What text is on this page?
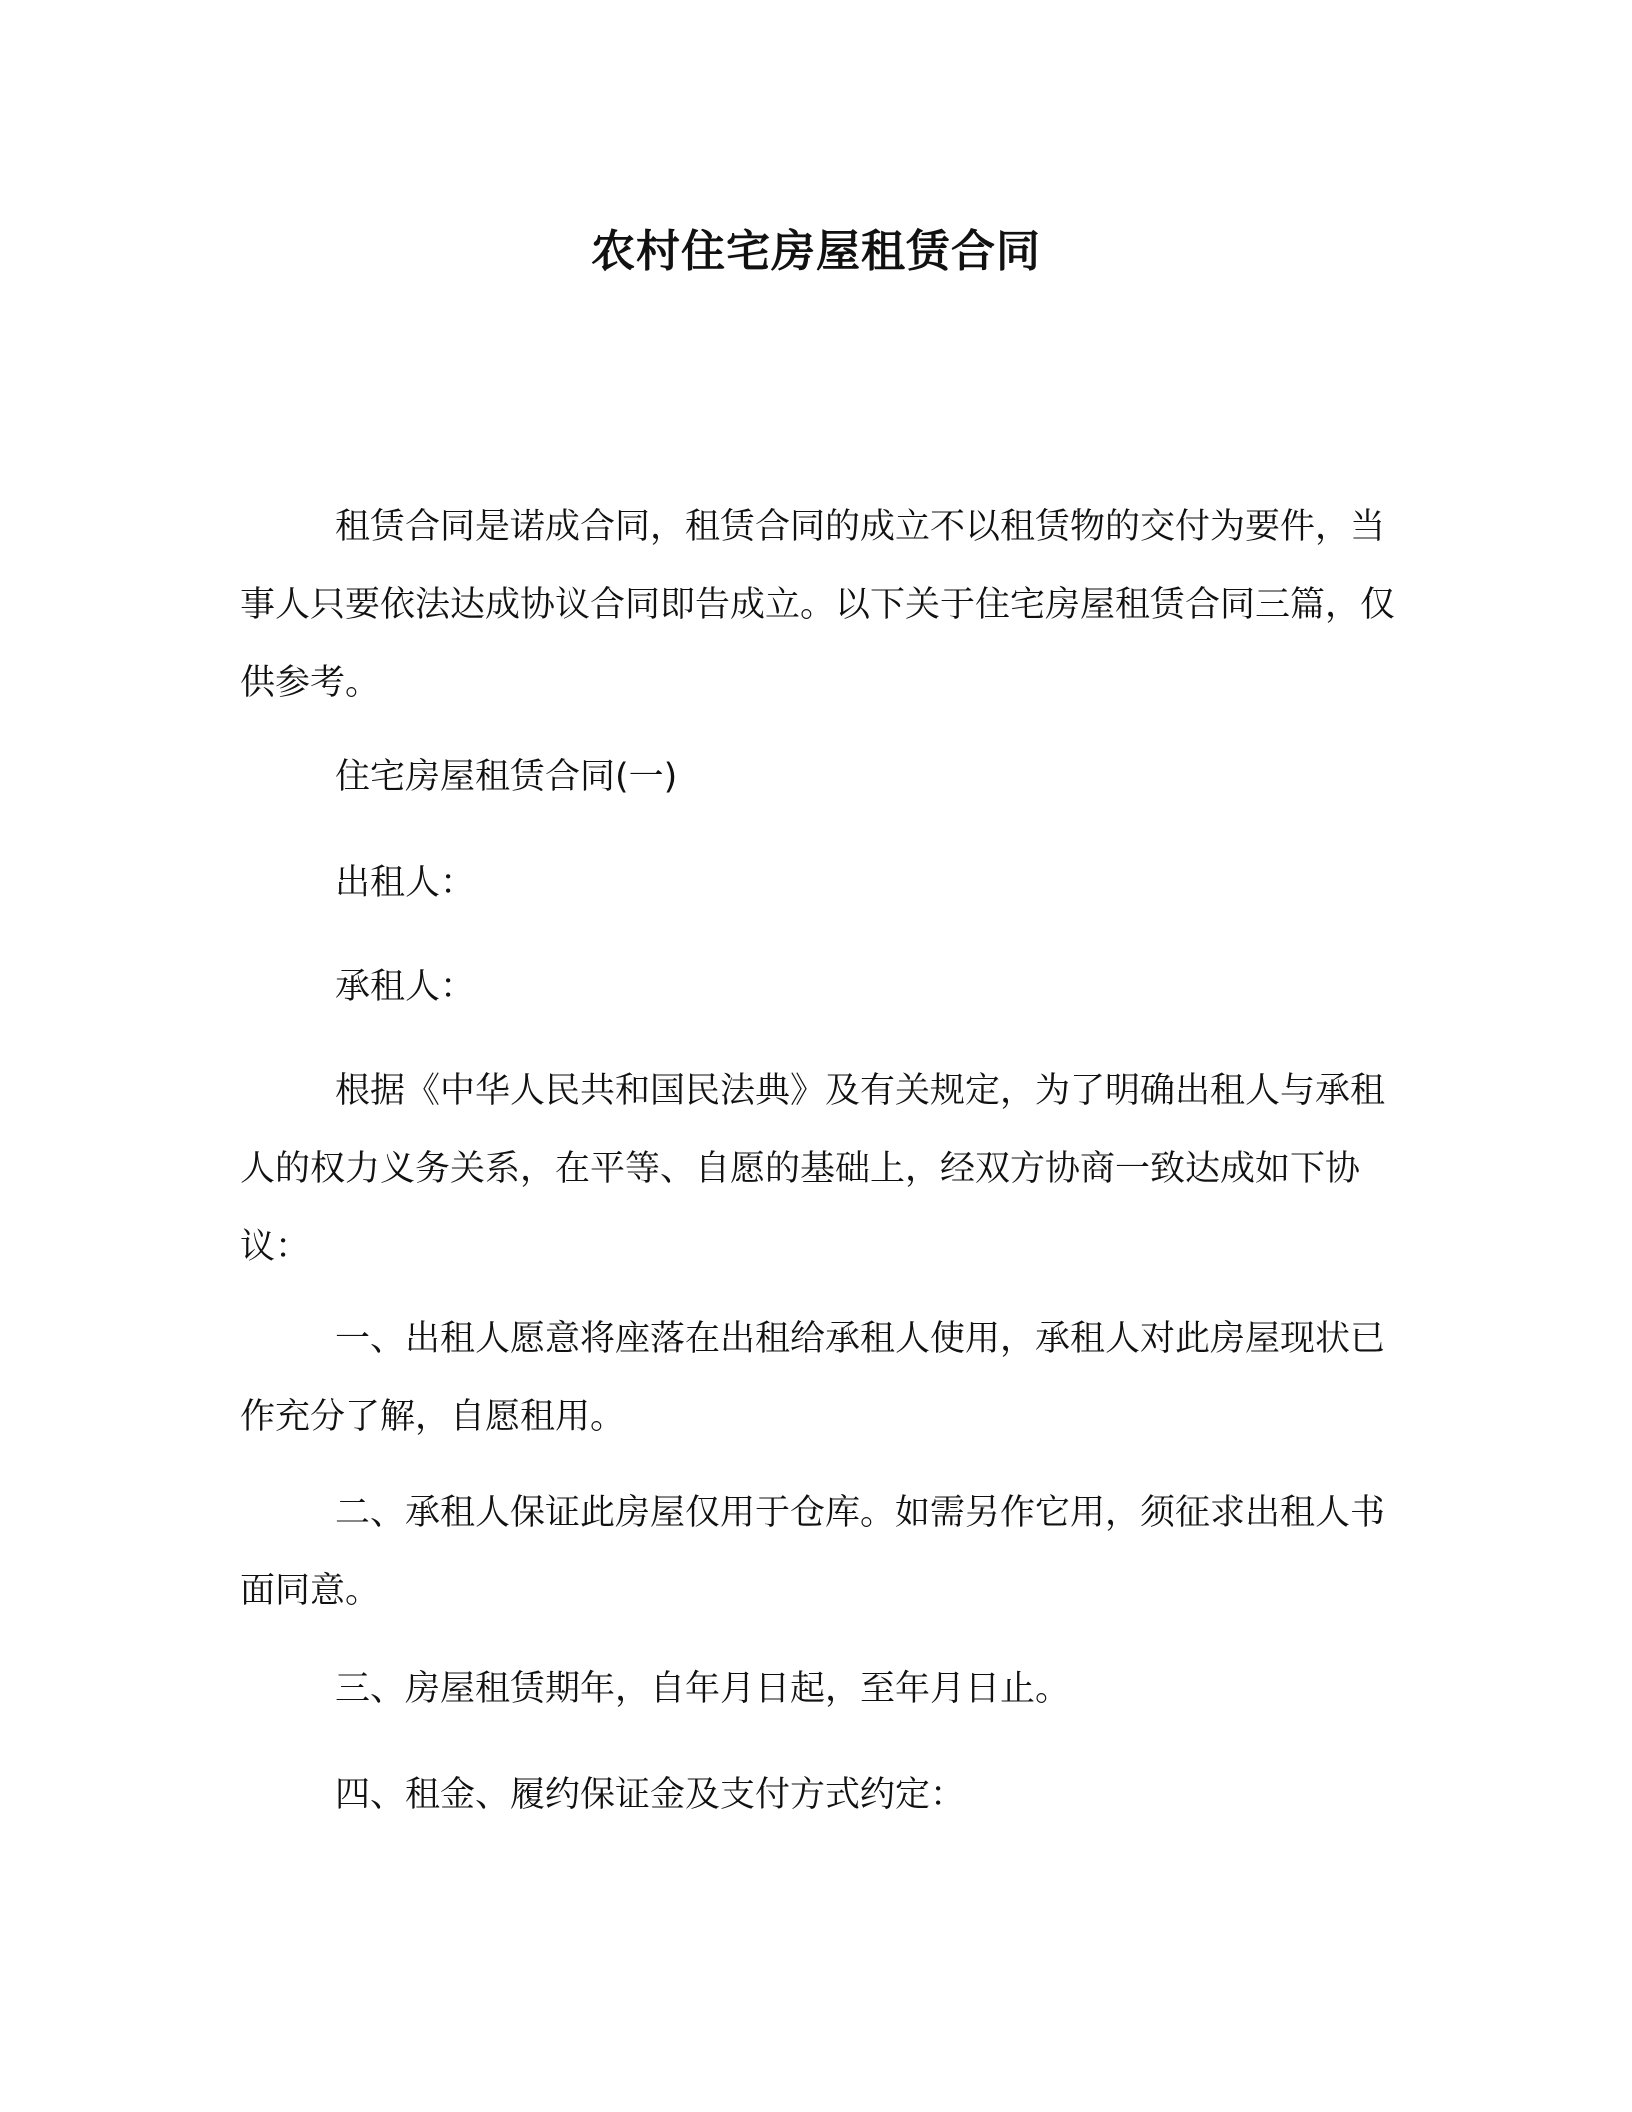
农村住宅房屋租赁合同

租赁合同是诺成合同，租赁合同的成立不以租赁物的交付为要件，当事人只要依法达成协议合同即告成立。以下关于住宅房屋租赁合同三篇，仅供参考。

住宅房屋租赁合同(一)

出租人：

承租人：

根据《中华人民共和国民法典》及有关规定，为了明确出租人与承租人的权力义务关系，在平等、自愿的基础上，经双方协商一致达成如下协议：

一、出租人愿意将座落在出租给承租人使用，承租人对此房屋现状已作充分了解，自愿租用。

二、承租人保证此房屋仅用于仓库。如需另作它用，须征求出租人书面同意。

三、房屋租赁期年，自年月日起，至年月日止。

四、租金、履约保证金及支付方式约定：
